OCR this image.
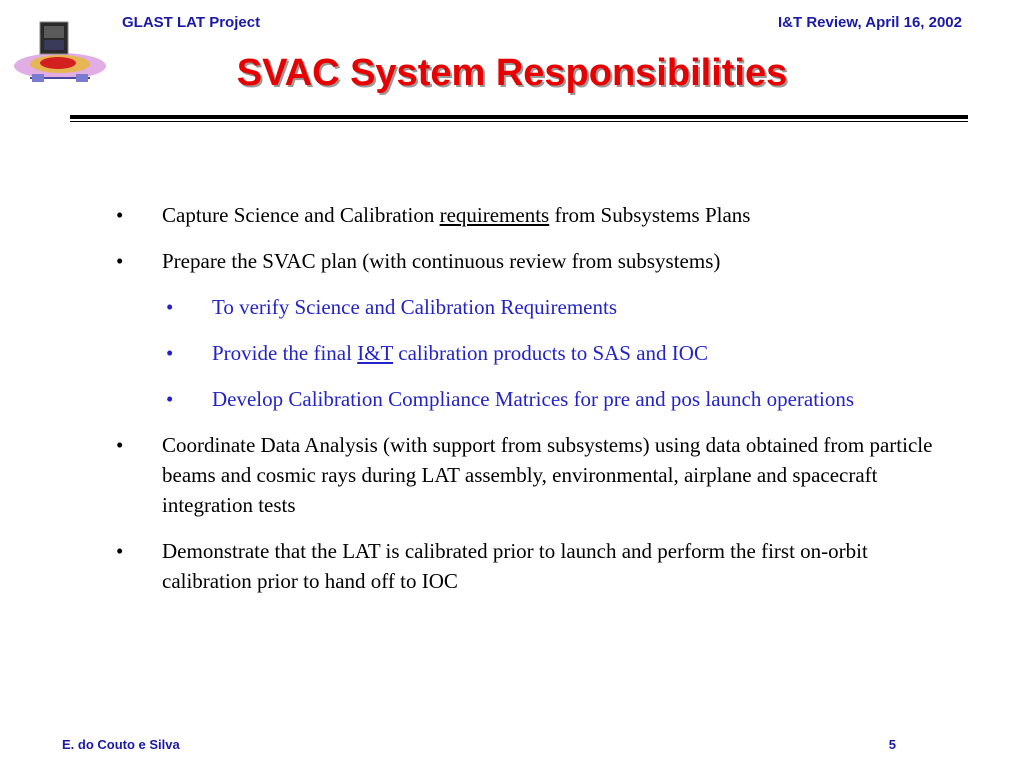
GLAST LAT Project	I&T Review, April 16, 2002
SVAC System Responsibilities
• Capture Science and Calibration requirements from Subsystems Plans
• Prepare the SVAC plan (with continuous review from subsystems)
• To verify Science and Calibration Requirements
• Provide the final I&T calibration products to SAS and IOC
• Develop Calibration Compliance Matrices for pre and pos launch operations
• Coordinate Data Analysis (with support from subsystems) using data obtained from particle beams and cosmic rays during LAT assembly, environmental, airplane and spacecraft integration tests
• Demonstrate that the LAT is calibrated prior to launch and perform the first on-orbit calibration prior to hand off to IOC
E. do Couto e Silva	5
